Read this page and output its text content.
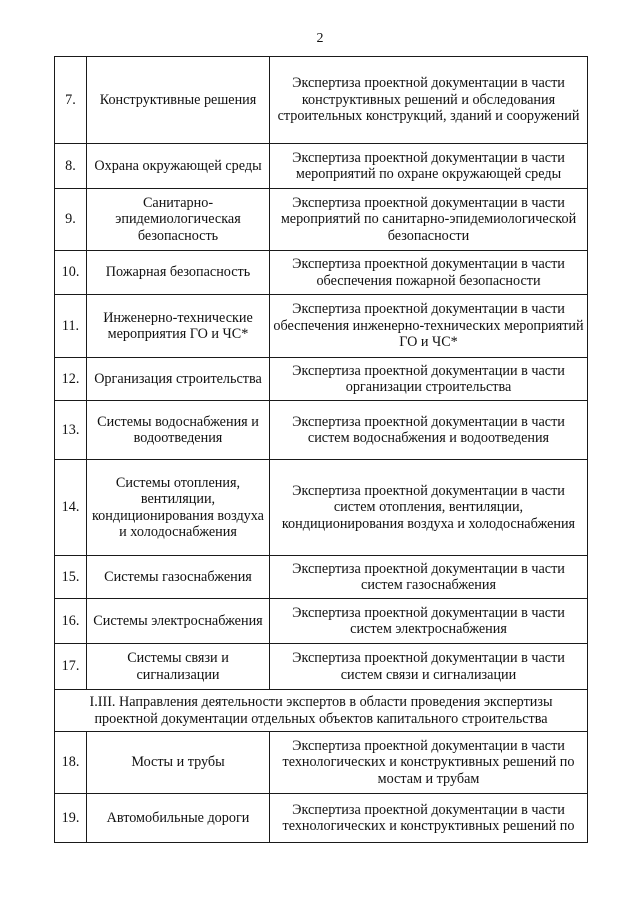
2
7.	Конструктивные решения	Экспертиза проектной документации в части конструктивных решений и обследования строительных конструкций, зданий и сооружений
8.	Охрана окружающей среды	Экспертиза проектной документации в части мероприятий по охране окружающей среды
9.	Санитарно-эпидемиологическая безопасность	Экспертиза проектной документации в части мероприятий по санитарно-эпидемиологической безопасности
10.	Пожарная безопасность	Экспертиза проектной документации в части обеспечения пожарной безопасности
11.	Инженерно-технические мероприятия ГО и ЧС*	Экспертиза проектной документации в части обеспечения инженерно-технических мероприятий ГО и ЧС*
12.	Организация строительства	Экспертиза проектной документации в части организации строительства
13.	Системы водоснабжения и водоотведения	Экспертиза проектной документации в части систем водоснабжения и водоотведения
14.	Системы отопления, вентиляции, кондиционирования воздуха и холодоснабжения	Экспертиза проектной документации в части систем отопления, вентиляции, кондиционирования воздуха и холодоснабжения
15.	Системы газоснабжения	Экспертиза проектной документации в части систем газоснабжения
16.	Системы электроснабжения	Экспертиза проектной документации в части систем электроснабжения
17.	Системы связи и сигнализации	Экспертиза проектной документации в части систем связи и сигнализации
I.III. Направления деятельности экспертов в области проведения экспертизы проектной документации отдельных объектов капитального строительства		
18.	Мосты и трубы	Экспертиза проектной документации в части технологических и конструктивных решений по мостам и трубам
19.	Автомобильные дороги	Экспертиза проектной документации в части технологических и конструктивных решений по
